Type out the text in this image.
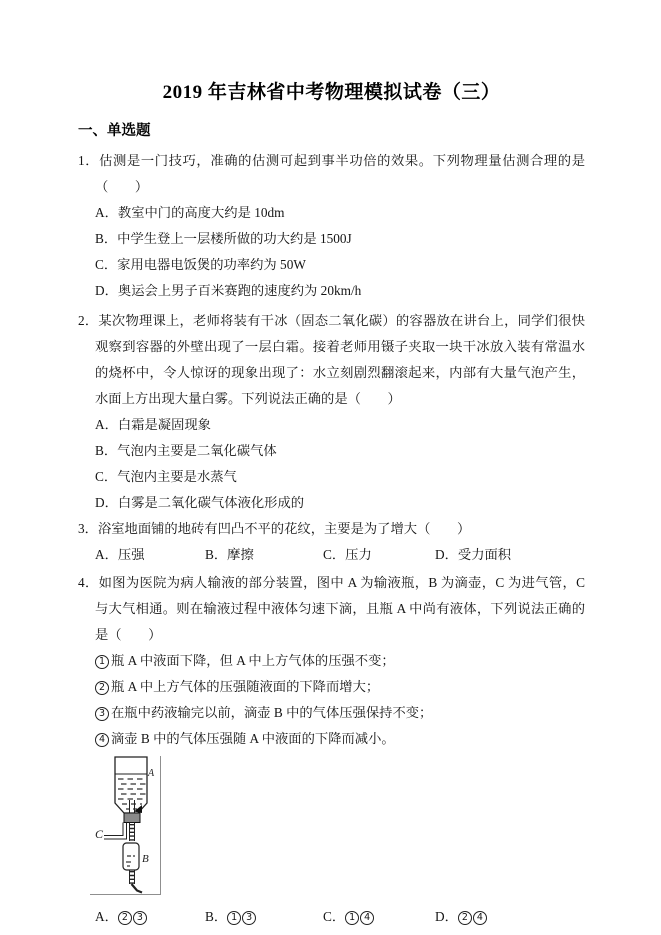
2019 年吉林省中考物理模拟试卷（三）
一、单选题
1．估测是一门技巧，准确的估测可起到事半功倍的效果。下列物理量估测合理的是（　　）
A．教室中门的高度大约是 10dm
B．中学生登上一层楼所做的功大约是 1500J
C．家用电器电饭煲的功率约为 50W
D．奥运会上男子百米赛跑的速度约为 20km/h
2．某次物理课上，老师将装有干冰（固态二氧化碳）的容器放在讲台上，同学们很快观察到容器的外壁出现了一层白霜。接着老师用镊子夹取一块干冰放入装有常温水的烧杯中，令人惊讶的现象出现了：水立刻剧烈翻滚起来，内部有大量气泡产生，水面上方出现大量白雾。下列说法正确的是（　　）
A．白霜是凝固现象
B．气泡内主要是二氧化碳气体
C．气泡内主要是水蒸气
D．白雾是二氧化碳气体液化形成的
3．浴室地面铺的地砖有凹凸不平的花纹，主要是为了增大（　　）
A．压强	B．摩擦	C．压力	D．受力面积
4．如图为医院为病人输液的部分装置，图中 A 为输液瓶，B 为滴壶，C 为进气管，C 与大气相通。则在输液过程中液体匀速下滴，且瓶 A 中尚有液体，下列说法正确的是（　　）
1 瓶 A 中液面下降，但 A 中上方气体的压强不变；
2 瓶 A 中上方气体的压强随液面的下降而增大；
3 在瓶中药液输完以前，滴壶 B 中的气体压强保持不变；
4 滴壶 B 中的气体压强随 A 中液面的下降而减小。
A
B
C
A． 2 3	B． 1 3	C． 1 4	D． 2 4
